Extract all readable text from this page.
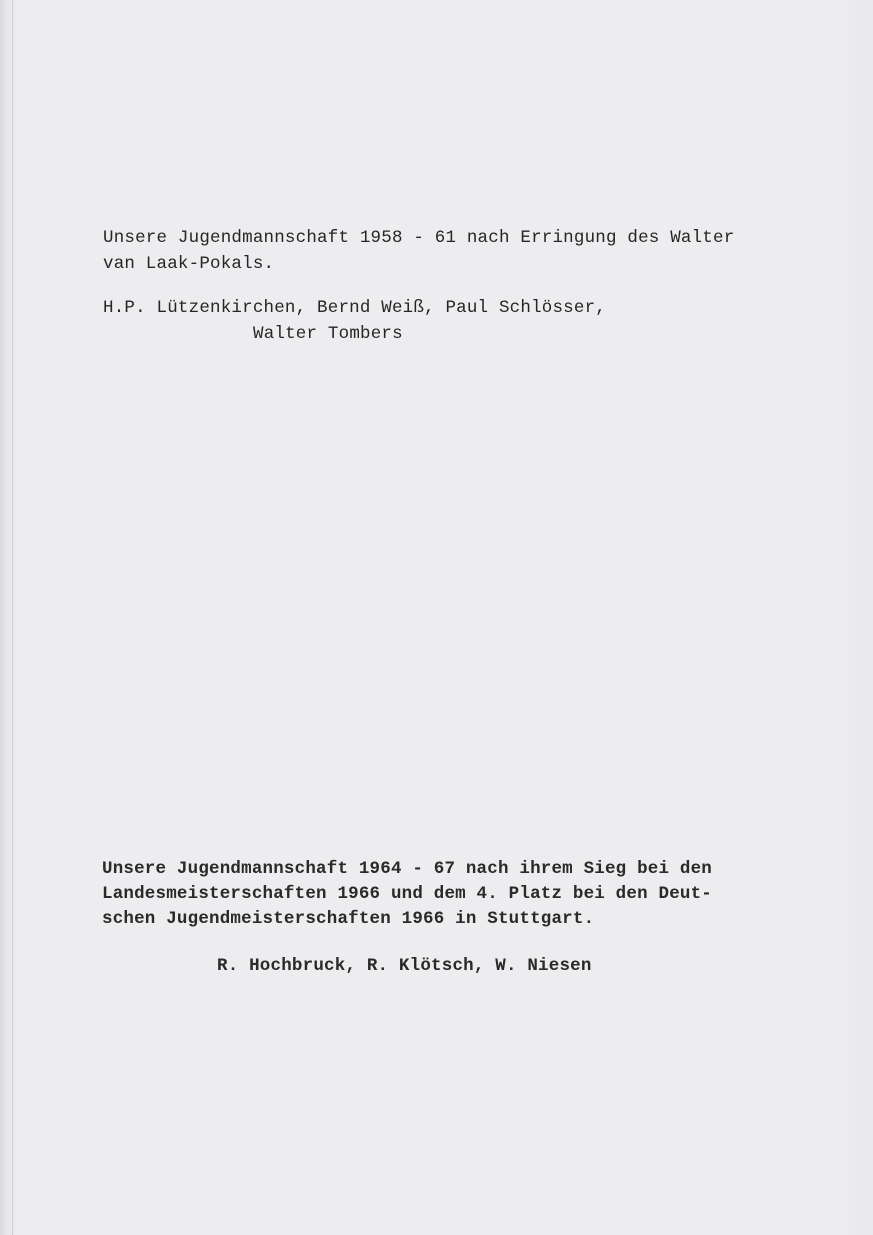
Unsere Jugendmannschaft 1958 - 61 nach Erringung des Walter
van Laak-Pokals.
H.P. Lützenkirchen, Bernd Weiß, Paul Schlösser,
Walter Tombers
Unsere Jugendmannschaft 1964 - 67 nach ihrem Sieg bei den
Landesmeisterschaften 1966 und dem 4. Platz bei den Deut-
schen Jugendmeisterschaften 1966 in Stuttgart.
R. Hochbruck, R. Klötsch, W. Niesen
